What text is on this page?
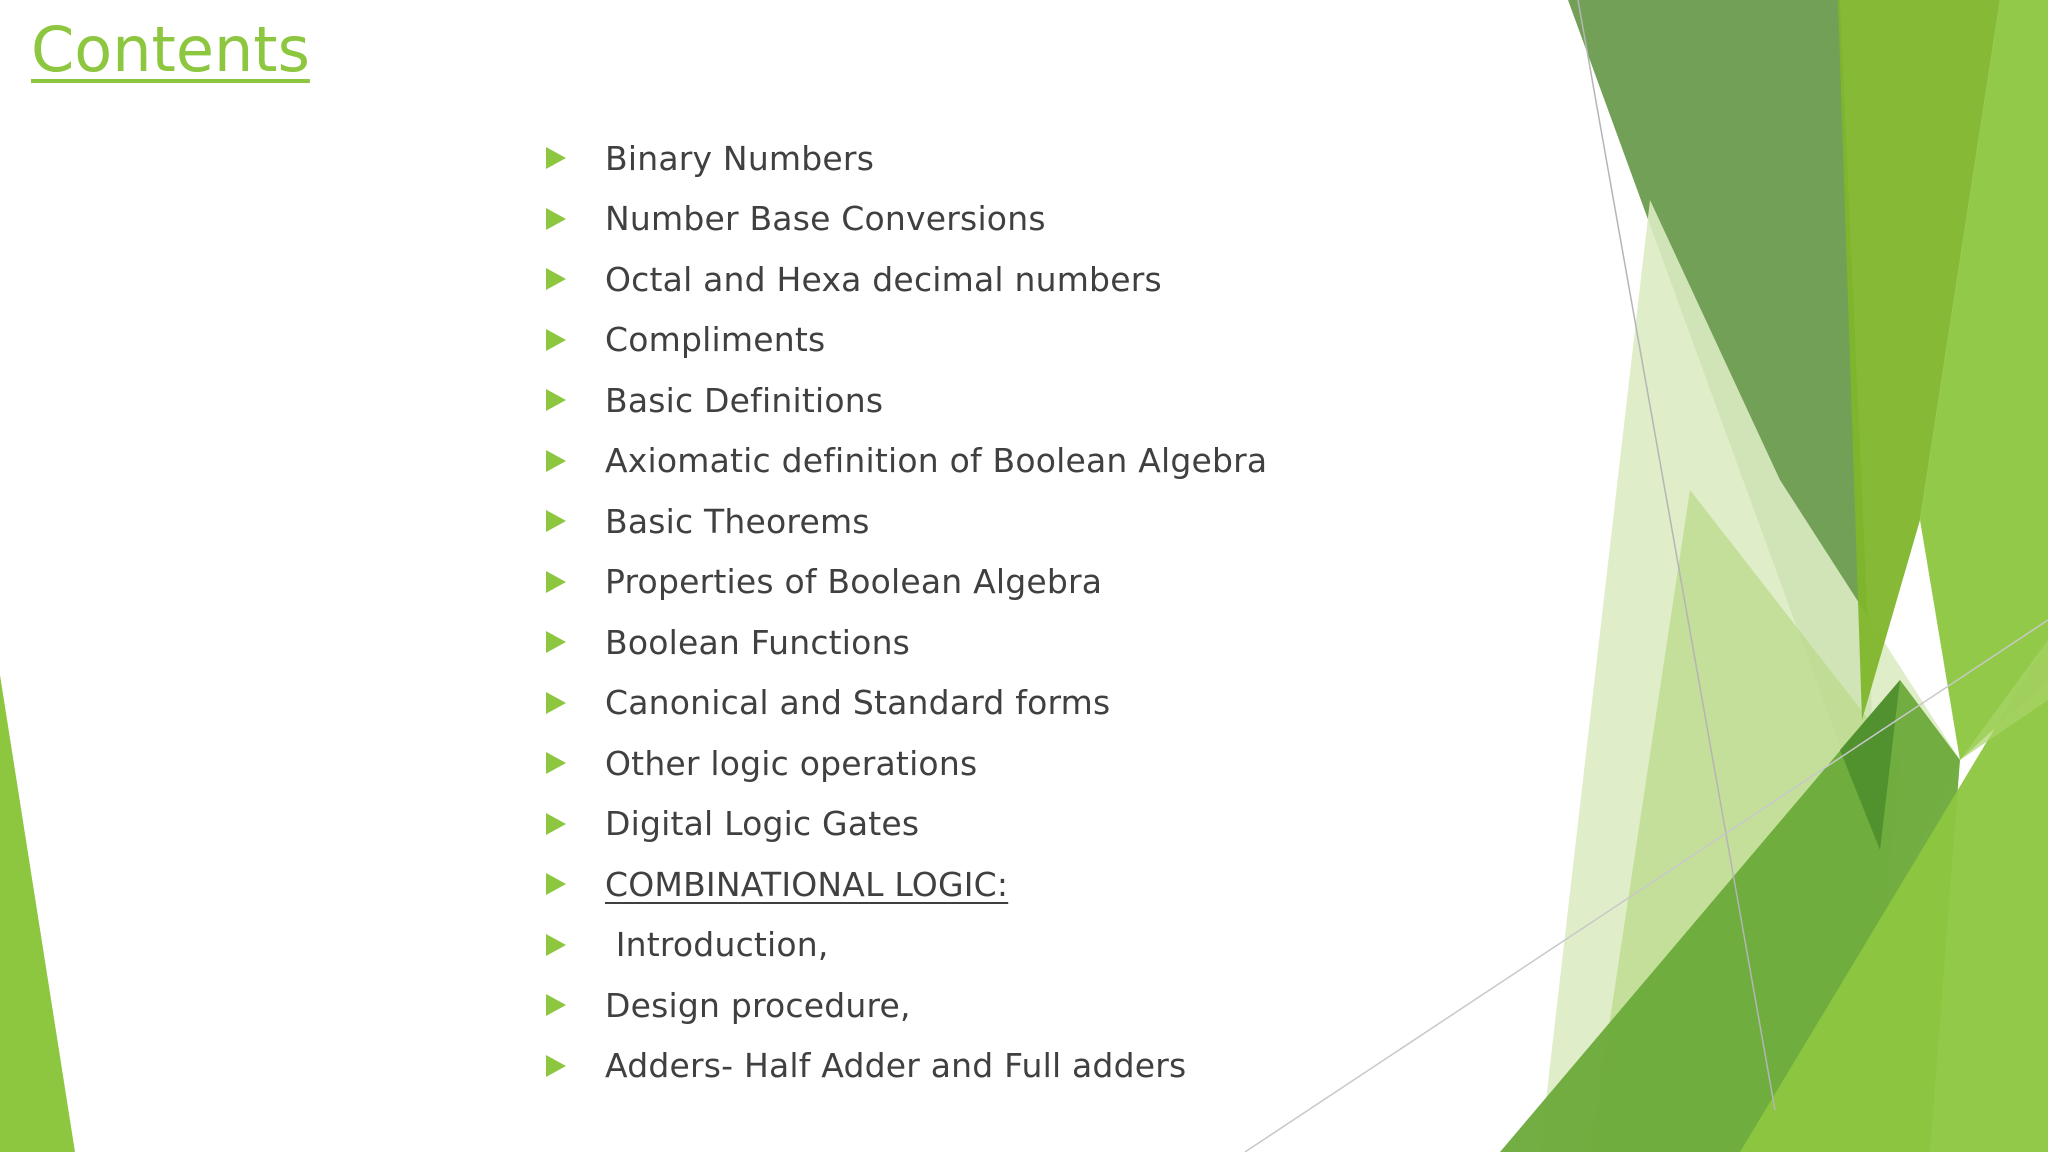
Contents
Binary Numbers
Number Base Conversions
Octal and Hexa decimal numbers
Compliments
Basic Definitions
Axiomatic definition of Boolean Algebra
Basic Theorems
Properties of Boolean Algebra
Boolean Functions
Canonical and Standard forms
Other logic operations
Digital Logic Gates
COMBINATIONAL LOGIC:
Introduction,
Design procedure,
Adders- Half Adder and Full adders
